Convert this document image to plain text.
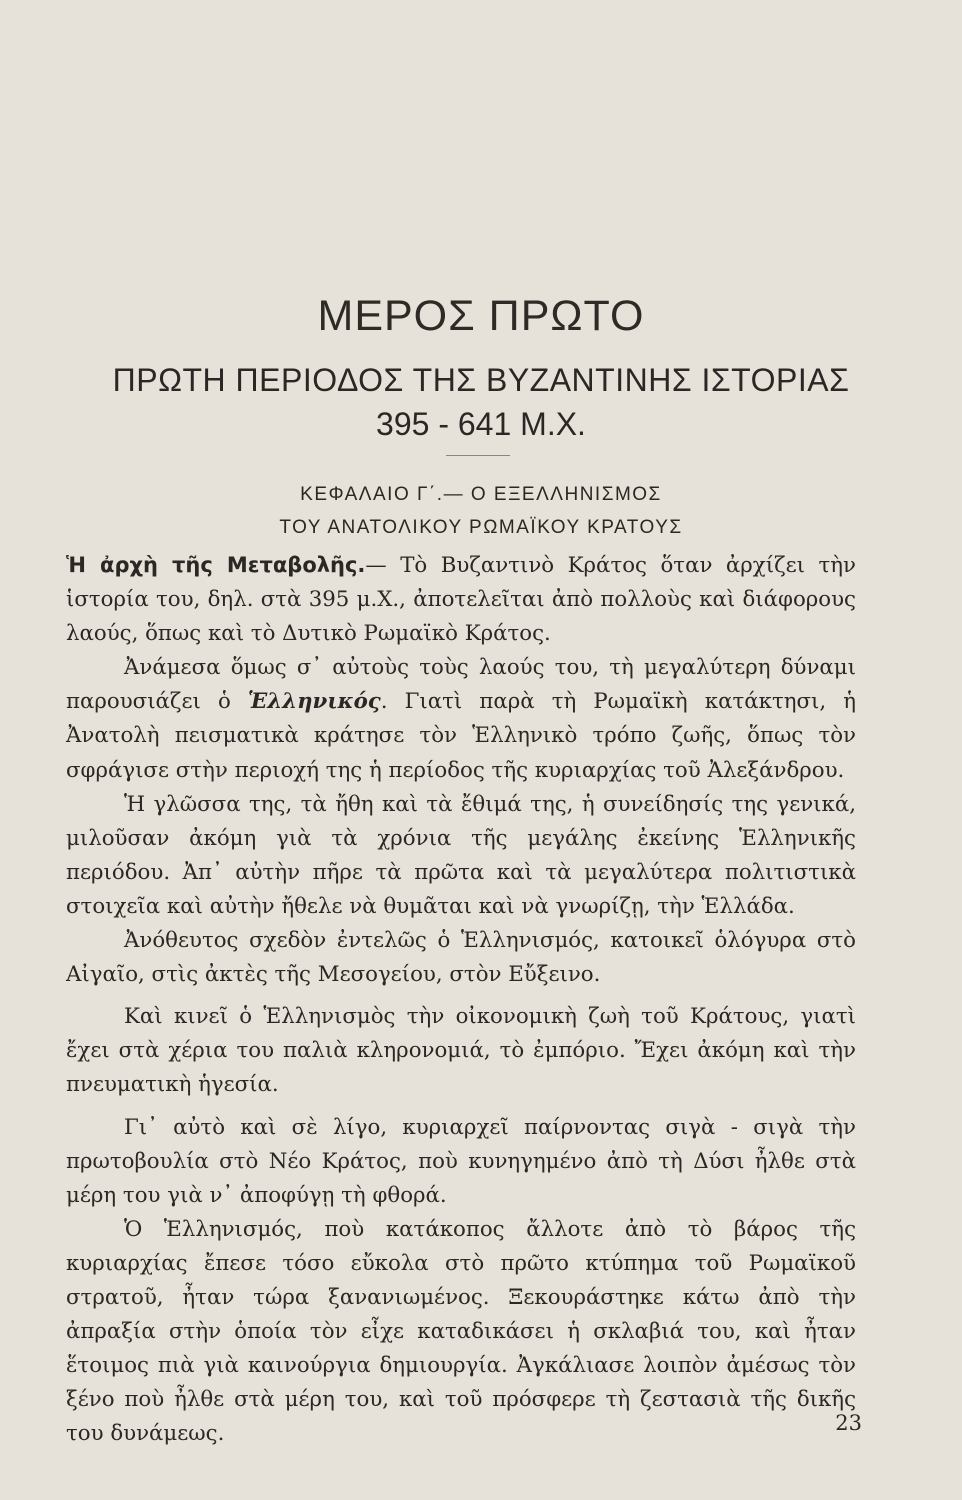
ΜΕΡΟΣ ΠΡΩΤΟ
ΠΡΩΤΗ ΠΕΡΙΟΔΟΣ ΤΗΣ ΒΥΖΑΝΤΙΝΗΣ ΙΣΤΟΡΙΑΣ
395 - 641 Μ.Χ.
ΚΕΦΑΛΑΙΟ Γ΄.— Ο ΕΞΕΛΛΗΝΙΣΜΟΣ
ΤΟΥ ΑΝΑΤΟΛΙΚΟΥ ΡΩΜΑΪΚΟΥ ΚΡΑΤΟΥΣ

Ἡ ἀρχὴ τῆς Μεταβολῆς.— Τὸ Βυζαντινὸ Κράτος ὅταν ἀρχίζει τὴν ἱστορία του, δηλ. στὰ 395 μ.Χ., ἀποτελεῖται ἀπὸ πολλοὺς καὶ διάφορους λαούς, ὅπως καὶ τὸ Δυτικὸ Ρωμαϊκὸ Κράτος.

Ἀνάμεσα ὅμως σ᾿ αὐτοὺς τοὺς λαούς του, τὴ μεγαλύτερη δύναμι παρουσιάζει ὁ Ἑλληνικός. Γιατὶ παρὰ τὴ Ρωμαϊκὴ κατάκτησι, ἡ Ἀνατολὴ πεισματικὰ κράτησε τὸν Ἑλληνικὸ τρόπο ζωῆς, ὅπως τὸν σφράγισε στὴν περιοχή της ἡ περίοδος τῆς κυριαρχίας τοῦ Ἀλεξάνδρου.

Ἡ γλῶσσα της, τὰ ἤθη καὶ τὰ ἔθιμά της, ἡ συνείδησίς της γενικά, μιλοῦσαν ἀκόμη γιὰ τὰ χρόνια τῆς μεγάλης ἐκείνης Ἑλληνικῆς περιόδου. Ἀπ᾿ αὐτὴν πῆρε τὰ πρῶτα καὶ τὰ μεγαλύτερα πολιτιστικὰ στοιχεῖα καὶ αὐτὴν ἤθελε νὰ θυμᾶται καὶ νὰ γνωρίζῃ, τὴν Ἑλλάδα.

Ἀνόθευτος σχεδὸν ἐντελῶς ὁ Ἑλληνισμός, κατοικεῖ ὁλόγυρα στὸ Αἰγαῖο, στὶς ἀκτὲς τῆς Μεσογείου, στὸν Εὔξεινο.

Καὶ κινεῖ ὁ Ἑλληνισμὸς τὴν οἰκονομικὴ ζωὴ τοῦ Κράτους, γιατὶ ἔχει στὰ χέρια του παλιὰ κληρονομιά, τὸ ἐμπόριο. Ἔχει ἀκόμη καὶ τὴν πνευματικὴ ἡγεσία.

Γι᾿ αὐτὸ καὶ σὲ λίγο, κυριαρχεῖ παίρνοντας σιγὰ - σιγὰ τὴν πρωτοβουλία στὸ Νέο Κράτος, ποὺ κυνηγημένο ἀπὸ τὴ Δύσι ἦλθε στὰ μέρη του γιὰ ν᾿ ἀποφύγῃ τὴ φθορά.

Ὁ Ἑλληνισμός, ποὺ κατάκοπος ἄλλοτε ἀπὸ τὸ βάρος τῆς κυριαρχίας ἔπεσε τόσο εὔκολα στὸ πρῶτο κτύπημα τοῦ Ρωμαϊκοῦ στρατοῦ, ἦταν τώρα ξανανιωμένος. Ξεκουράστηκε κάτω ἀπὸ τὴν ἀπραξία στὴν ὁποία τὸν εἶχε καταδικάσει ἡ σκλαβιά του, καὶ ἦταν ἕτοιμος πιὰ γιὰ καινούργια δημιουργία. Ἀγκάλιασε λοιπὸν ἀμέσως τὸν ξένο ποὺ ἦλθε στὰ μέρη του, καὶ τοῦ πρόσφερε τὴ ζεστασιὰ τῆς δικῆς του δυνάμεως.	23
